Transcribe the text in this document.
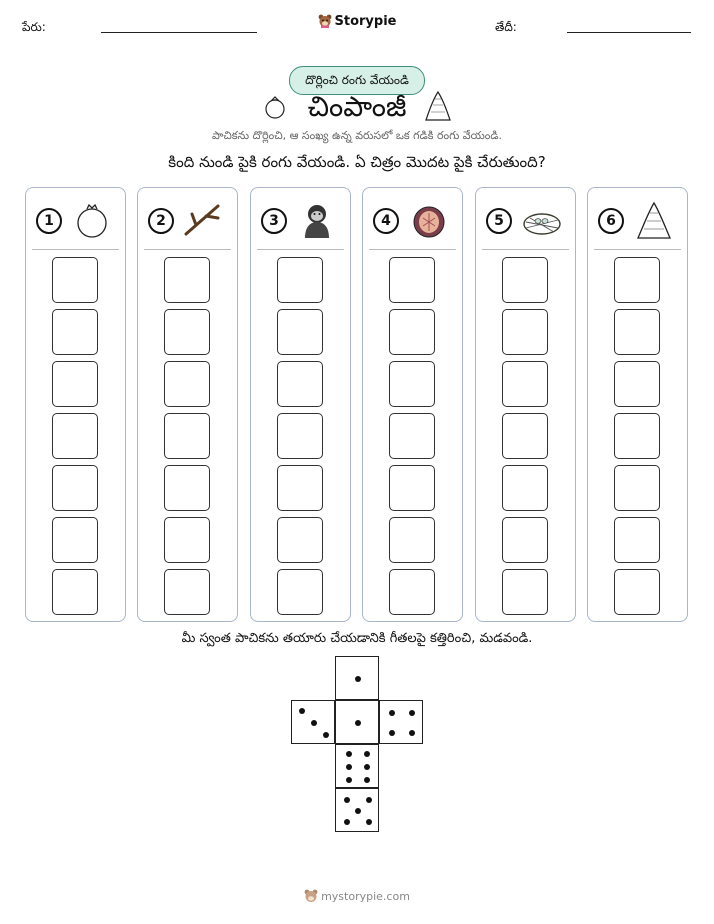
పేరు:	Storypie	తేదీ:
దొర్లించి రంగు వేయండి
చింపాంజీ
పాచికను దొర్లించి, ఆ సంఖ్య ఉన్న వరుసలో ఒక గడికి రంగు వేయండి.
కింది నుండి పైకి రంగు వేయండి. ఏ చిత్రం మొదట పైకి చేరుతుంది?
1	2	3	4	5	6
మీ స్వంత పాచికను తయారు చేయడానికి గీతలపై కత్తిరించి, మడవండి.
mystorypie.com
